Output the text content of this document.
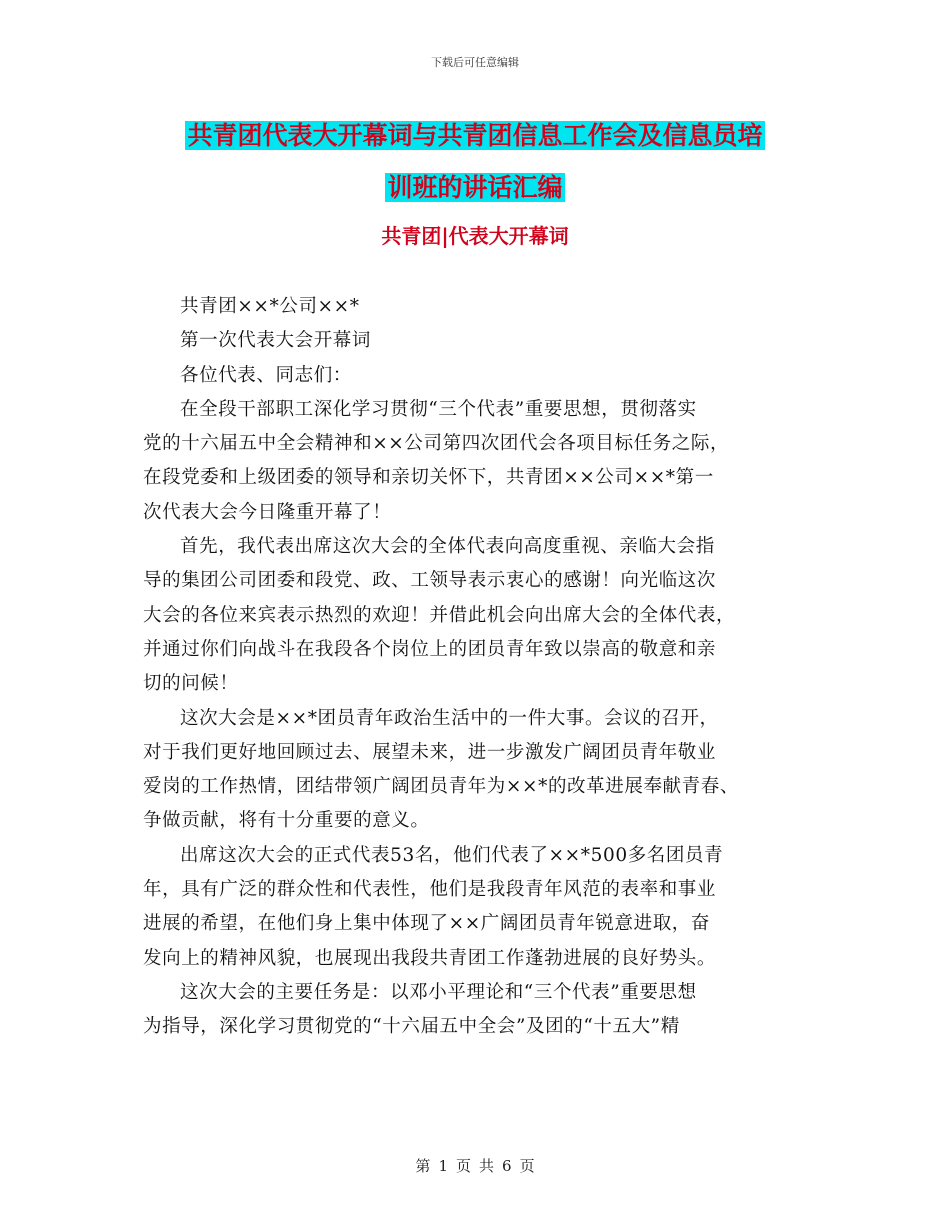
下载后可任意编辑
共青团代表大开幕词与共青团信息工作会及信息员培
训班的讲话汇编
共青团|代表大开幕词

共青团××*公司××*

第一次代表大会开幕词

各位代表、同志们：

在全段干部职工深化学习贯彻“三个代表”重要思想，贯彻落实

党的十六届五中全会精神和××公司第四次团代会各项目标任务之际，

在段党委和上级团委的领导和亲切关怀下，共青团××公司××*第一

次代表大会今日隆重开幕了！

首先，我代表出席这次大会的全体代表向高度重视、亲临大会指

导的集团公司团委和段党、政、工领导表示衷心的感谢！向光临这次

大会的各位来宾表示热烈的欢迎！并借此机会向出席大会的全体代表，

并通过你们向战斗在我段各个岗位上的团员青年致以崇高的敬意和亲

切的问候！

这次大会是××*团员青年政治生活中的一件大事。会议的召开，

对于我们更好地回顾过去、展望未来，进一步激发广阔团员青年敬业

爱岗的工作热情，团结带领广阔团员青年为××*的改革进展奉献青春、

争做贡献，将有十分重要的意义。

出席这次大会的正式代表53名，他们代表了××*500多名团员青

年，具有广泛的群众性和代表性，他们是我段青年风范的表率和事业

进展的希望，在他们身上集中体现了××广阔团员青年锐意进取，奋

发向上的精神风貌，也展现出我段共青团工作蓬勃进展的良好势头。

这次大会的主要任务是：以邓小平理论和“三个代表”重要思想

为指导，深化学习贯彻党的“十六届五中全会”及团的“十五大”精

第 1 页 共 6 页
